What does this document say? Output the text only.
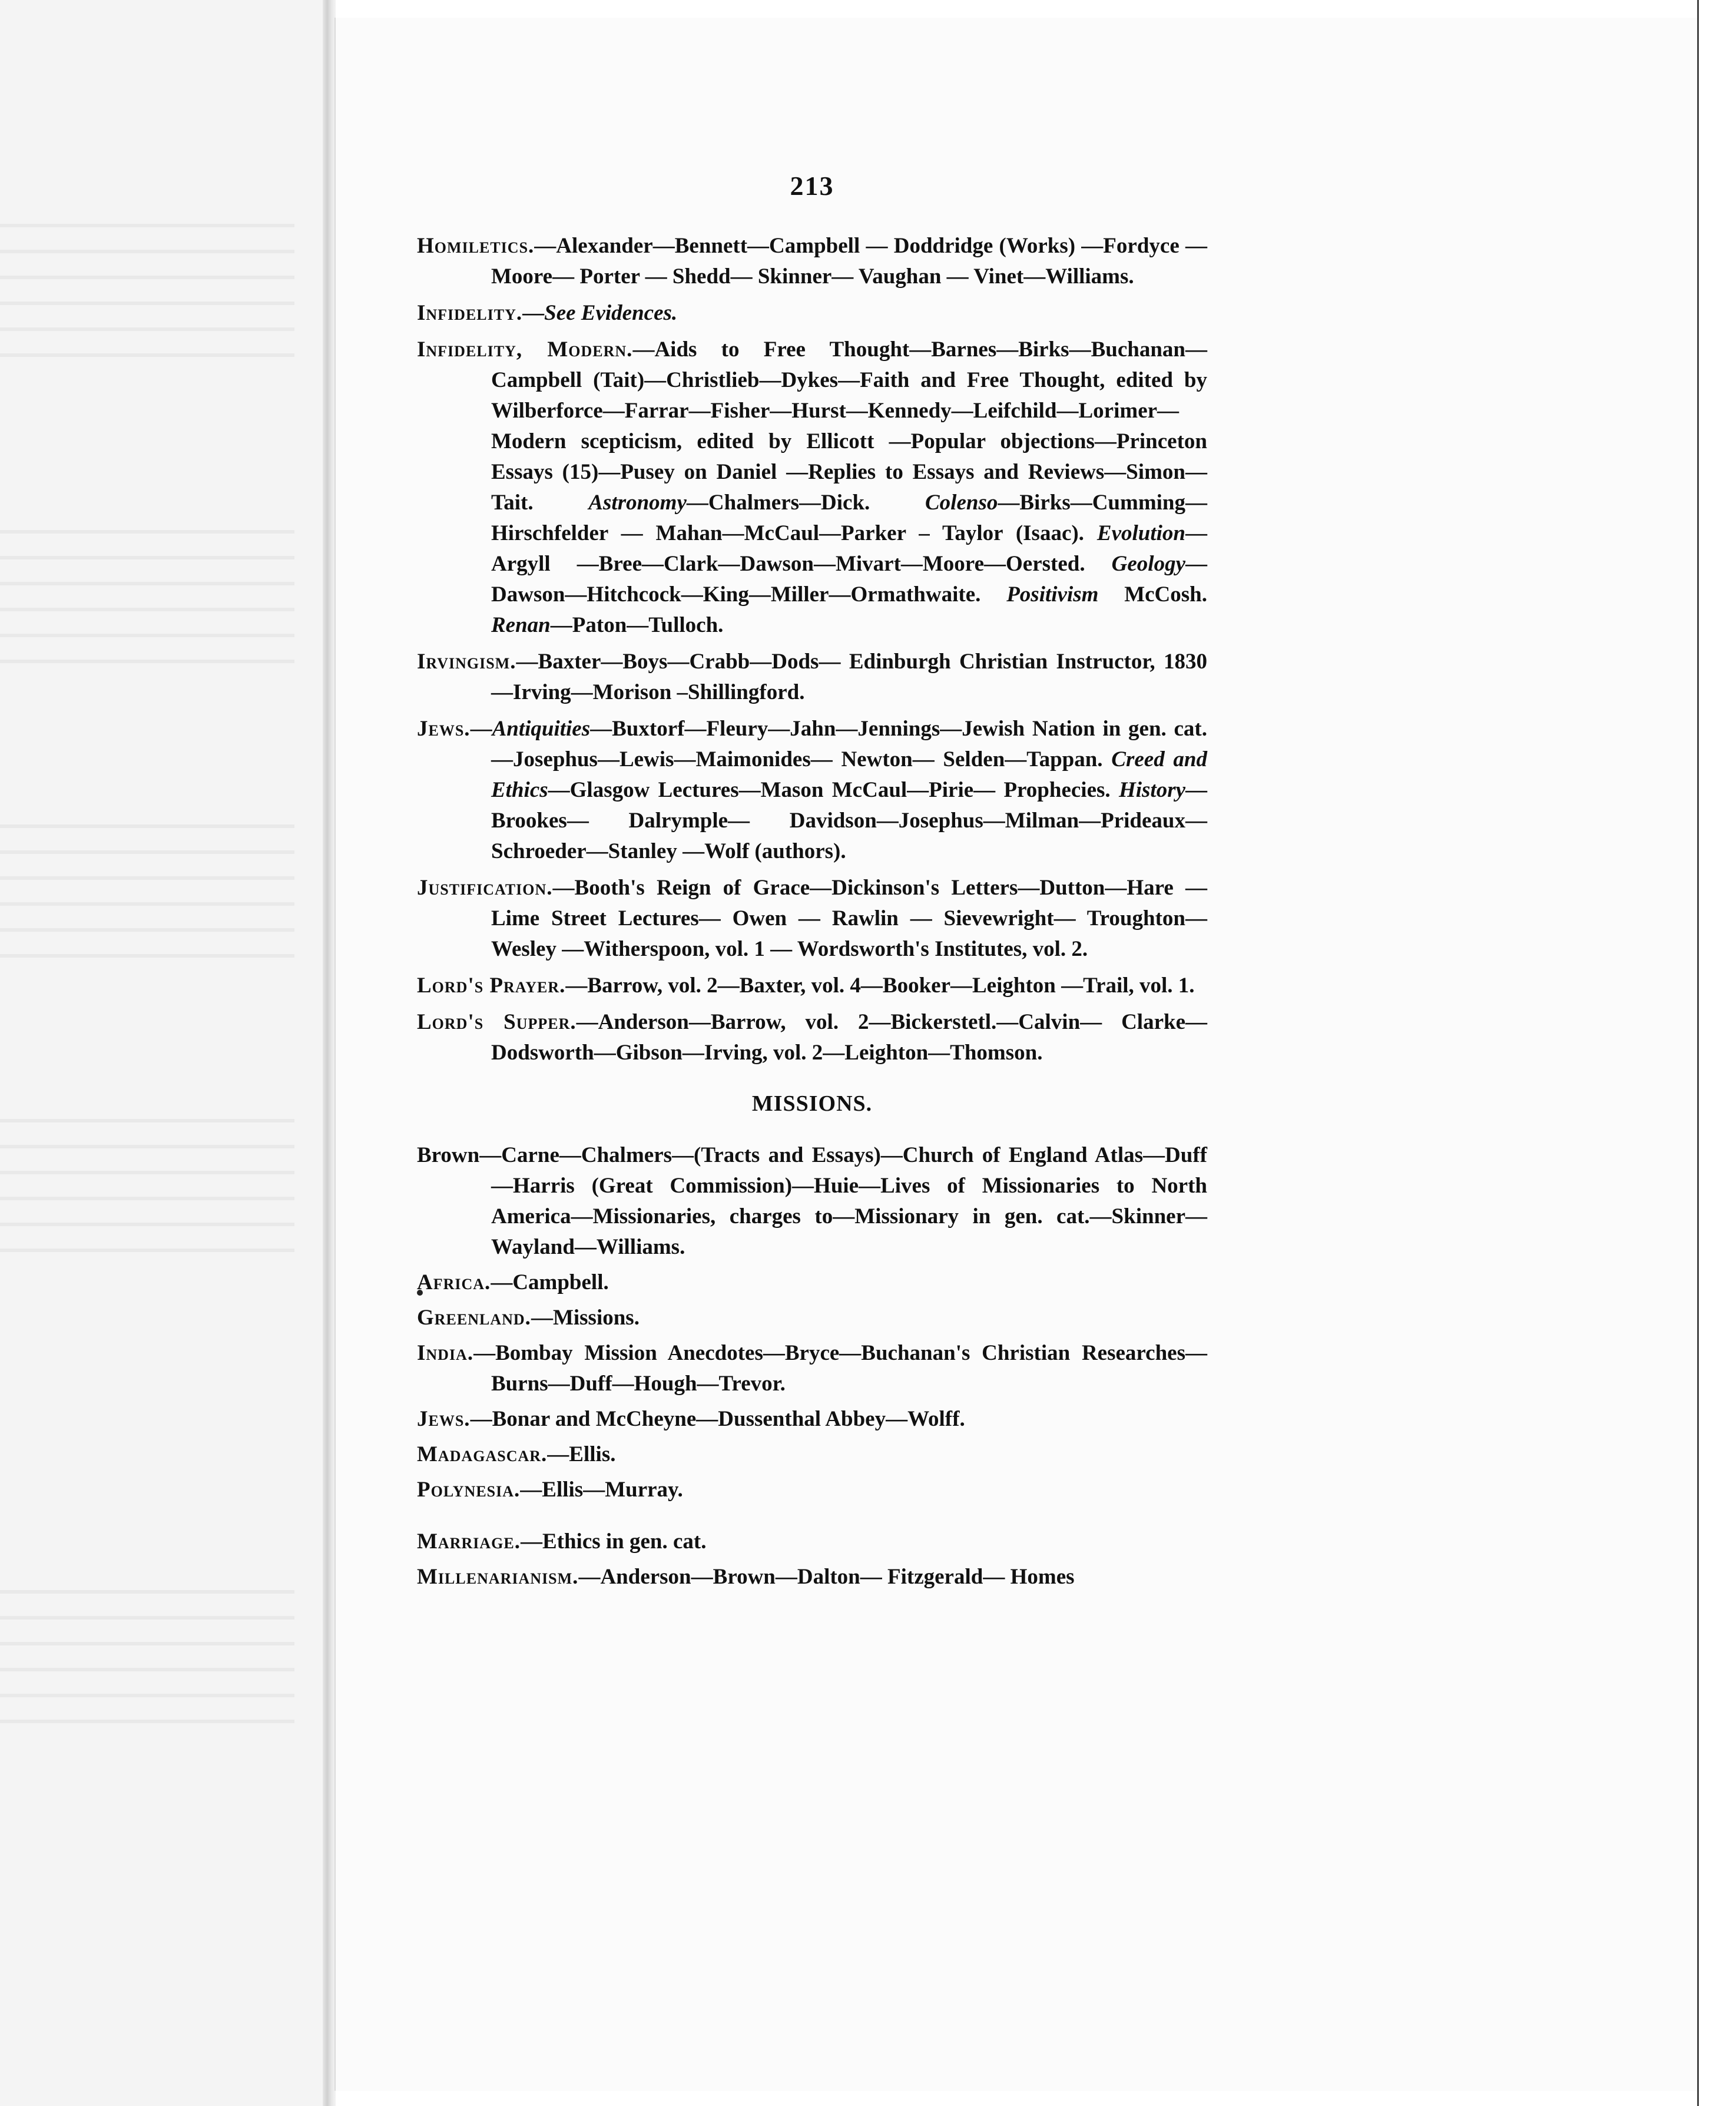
213

Homiletics.—Alexander—Bennett—Campbell — Doddridge (Works) —Fordyce — Moore— Porter — Shedd— Skinner— Vaughan — Vinet—Williams.

Infidelity.—See Evidences.

Infidelity, Modern.—Aids to Free Thought—Barnes—Birks—Buchanan—Campbell (Tait)—Christlieb—Dykes—Faith and Free Thought, edited by Wilberforce—Farrar—Fisher—Hurst—Kennedy—Leifchild—Lorimer—Modern scepticism, edited by Ellicott —Popular objections—Princeton Essays (15)—Pusey on Daniel —Replies to Essays and Reviews—Simon—Tait.	Astronomy—Chalmers—Dick.	Colenso—Birks—Cumming— Hirschfelder — Mahan—McCaul—Parker – Taylor (Isaac). Evolution—Argyll —Bree—Clark—Dawson—Mivart—Moore—Oersted. Geology— Dawson—Hitchcock—King—Miller—Ormathwaite. Positivism McCosh. Renan—Paton—Tulloch.

Irvingism.—Baxter—Boys—Crabb—Dods— Edinburgh Christian Instructor, 1830—Irving—Morison –Shillingford.

Jews.—Antiquities—Buxtorf—Fleury—Jahn—Jennings—Jewish Nation in gen. cat.—Josephus—Lewis—Maimonides— Newton— Selden—Tappan. Creed and Ethics—Glasgow Lectures—Mason McCaul—Pirie— Prophecies. History—Brookes— Dalrymple— Davidson—Josephus—Milman—Prideaux—Schroeder—Stanley —Wolf (authors).

Justification.—Booth's Reign of Grace—Dickinson's Letters—Dutton—Hare — Lime Street Lectures— Owen — Rawlin — Sievewright— Troughton— Wesley —Witherspoon, vol. 1 — Wordsworth's Institutes, vol. 2.

Lord's Prayer.—Barrow, vol. 2—Baxter, vol. 4—Booker—Leighton —Trail, vol. 1.

Lord's Supper.—Anderson—Barrow, vol. 2—Bickerstetl.—Calvin— Clarke—Dodsworth—Gibson—Irving, vol. 2—Leighton—Thomson.

MISSIONS.

Brown—Carne—Chalmers—(Tracts and Essays)—Church of England Atlas—Duff—Harris (Great Commission)—Huie—Lives of Missionaries to North America—Missionaries, charges to—Missionary in gen. cat.—Skinner—Wayland—Williams.

Africa.—Campbell.

Greenland.—Missions.

India.—Bombay Mission Anecdotes—Bryce—Buchanan's Christian Researches—Burns—Duff—Hough—Trevor.

Jews.—Bonar and McCheyne—Dussenthal Abbey—Wolff.

Madagascar.—Ellis.

Polynesia.—Ellis—Murray.

Marriage.—Ethics in gen. cat.

Millenarianism.—Anderson—Brown—Dalton— Fitzgerald— Homes
